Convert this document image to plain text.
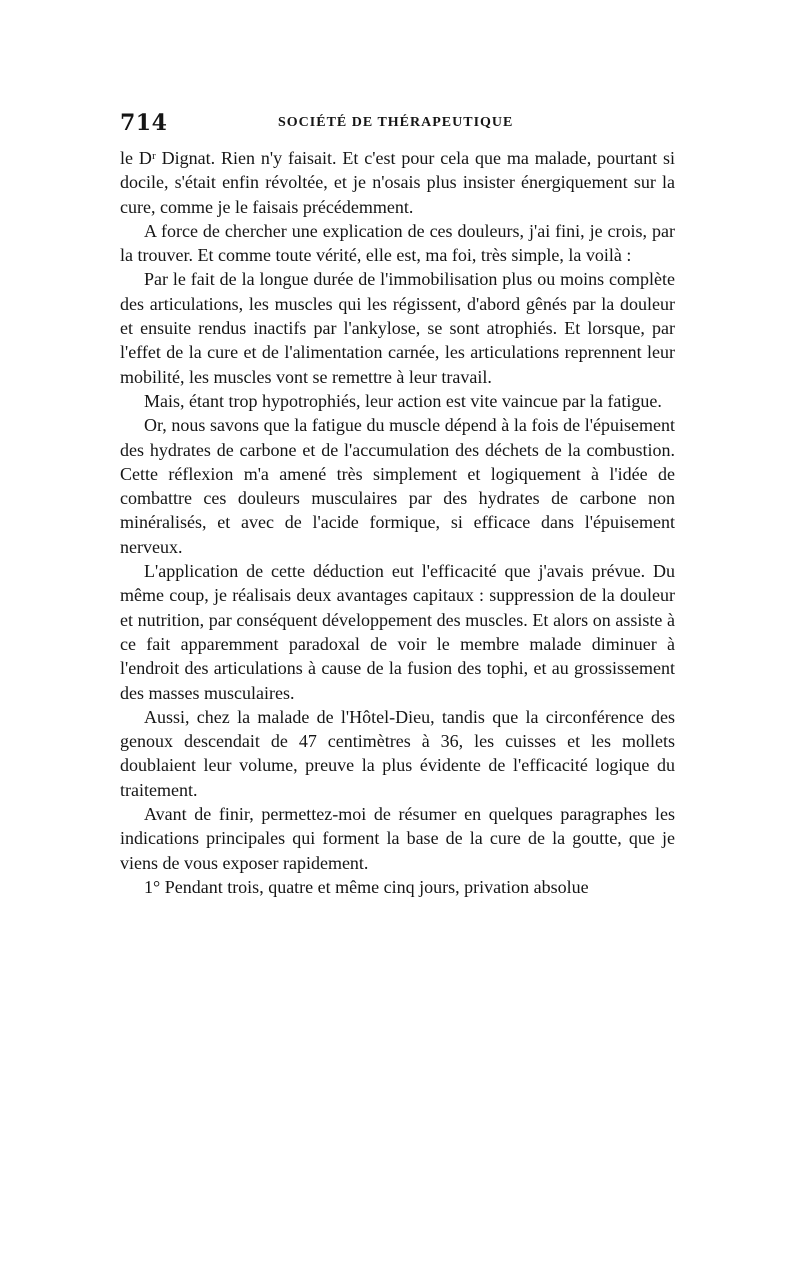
714	SOCIÉTÉ DE THÉRAPEUTIQUE

le Dʳ Dignat. Rien n'y faisait. Et c'est pour cela que ma malade, pourtant si docile, s'était enfin révoltée, et je n'osais plus insister énergiquement sur la cure, comme je le faisais précédemment.

A force de chercher une explication de ces douleurs, j'ai fini, je crois, par la trouver. Et comme toute vérité, elle est, ma foi, très simple, la voilà :

Par le fait de la longue durée de l'immobilisation plus ou moins complète des articulations, les muscles qui les régissent, d'abord gênés par la douleur et ensuite rendus inactifs par l'ankylose, se sont atrophiés. Et lorsque, par l'effet de la cure et de l'alimentation carnée, les articulations reprennent leur mobilité, les muscles vont se remettre à leur travail.

Mais, étant trop hypotrophiés, leur action est vite vaincue par la fatigue.

Or, nous savons que la fatigue du muscle dépend à la fois de l'épuisement des hydrates de carbone et de l'accumulation des déchets de la combustion. Cette réflexion m'a amené très simplement et logiquement à l'idée de combattre ces douleurs musculaires par des hydrates de carbone non minéralisés, et avec de l'acide formique, si efficace dans l'épuisement nerveux.

L'application de cette déduction eut l'efficacité que j'avais prévue. Du même coup, je réalisais deux avantages capitaux : suppression de la douleur et nutrition, par conséquent développement des muscles. Et alors on assiste à ce fait apparemment paradoxal de voir le membre malade diminuer à l'endroit des articulations à cause de la fusion des tophi, et au grossissement des masses musculaires.

Aussi, chez la malade de l'Hôtel-Dieu, tandis que la circonférence des genoux descendait de 47 centimètres à 36, les cuisses et les mollets doublaient leur volume, preuve la plus évidente de l'efficacité logique du traitement.

Avant de finir, permettez-moi de résumer en quelques paragraphes les indications principales qui forment la base de la cure de la goutte, que je viens de vous exposer rapidement.

1° Pendant trois, quatre et même cinq jours, privation absolue
